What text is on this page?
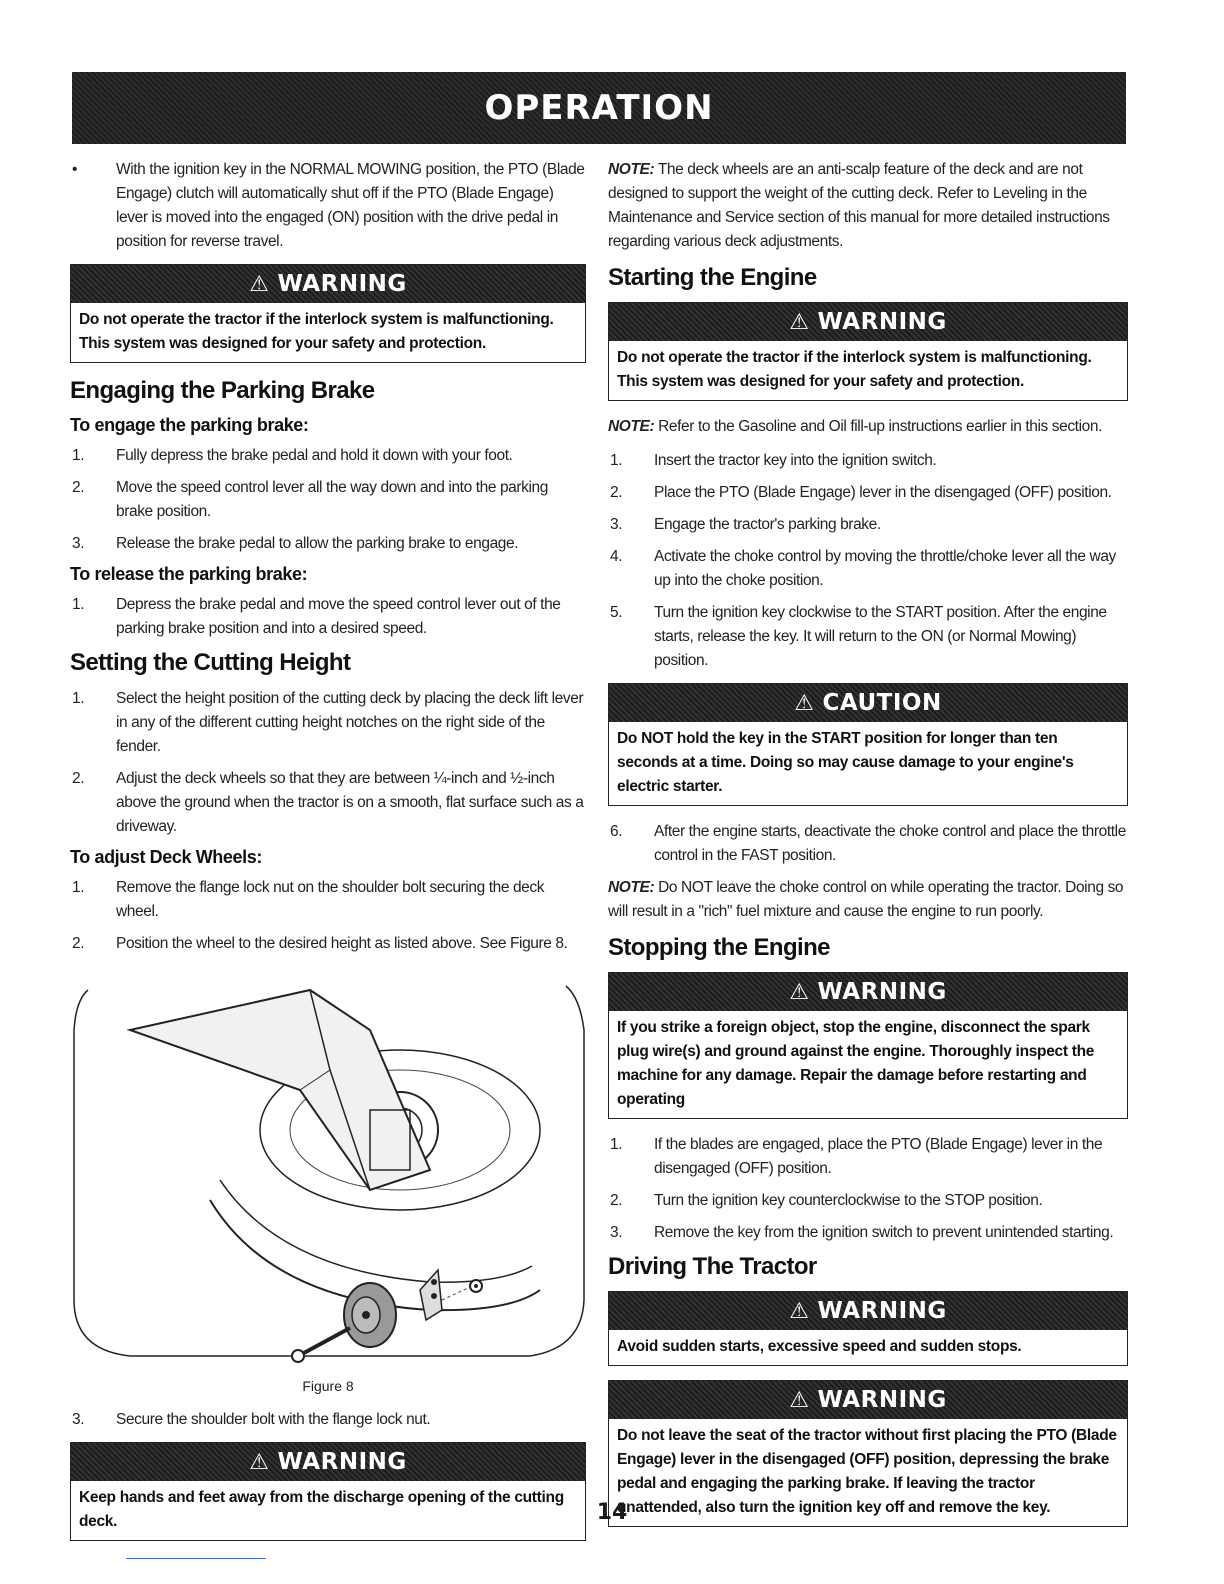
OPERATION
•	With the ignition key in the NORMAL MOWING position, the PTO (Blade Engage) clutch will automatically shut off if the PTO (Blade Engage) lever is moved into the engaged (ON) position with the drive pedal in position for reverse travel.
⚠ WARNING
Do not operate the tractor if the interlock system is malfunctioning. This system was designed for your safety and protection.
Engaging the Parking Brake
To engage the parking brake:
1. Fully depress the brake pedal and hold it down with your foot.
2. Move the speed control lever all the way down and into the parking brake position.
3. Release the brake pedal to allow the parking brake to engage.
To release the parking brake:
1. Depress the brake pedal and move the speed control lever out of the parking brake position and into a desired speed.
Setting the Cutting Height
1. Select the height position of the cutting deck by placing the deck lift lever in any of the different cutting height notches on the right side of the fender.
2. Adjust the deck wheels so that they are between ¼-inch and ½-inch above the ground when the tractor is on a smooth, flat surface such as a driveway.
To adjust Deck Wheels:
1. Remove the flange lock nut on the shoulder bolt securing the deck wheel.
2. Position the wheel to the desired height as listed above. See Figure 8.
Figure 8
3. Secure the shoulder bolt with the flange lock nut.
⚠ WARNING
Keep hands and feet away from the discharge opening of the cutting deck.

NOTE: The deck wheels are an anti-scalp feature of the deck and are not designed to support the weight of the cutting deck. Refer to Leveling in the Maintenance and Service section of this manual for more detailed instructions regarding various deck adjustments.

Starting the Engine
⚠ WARNING
Do not operate the tractor if the interlock system is malfunctioning. This system was designed for your safety and protection.

NOTE: Refer to the Gasoline and Oil fill-up instructions earlier in this section.

1. Insert the tractor key into the ignition switch.
2. Place the PTO (Blade Engage) lever in the disengaged (OFF) position.
3. Engage the tractor's parking brake.
4. Activate the choke control by moving the throttle/choke lever all the way up into the choke position.
5. Turn the ignition key clockwise to the START position. After the engine starts, release the key. It will return to the ON (or Normal Mowing) position.
⚠ CAUTION
Do NOT hold the key in the START position for longer than ten seconds at a time. Doing so may cause damage to your engine's electric starter.
6. After the engine starts, deactivate the choke control and place the throttle control in the FAST position.

NOTE: Do NOT leave the choke control on while operating the tractor. Doing so will result in a "rich" fuel mixture and cause the engine to run poorly.

Stopping the Engine
⚠ WARNING
If you strike a foreign object, stop the engine, disconnect the spark plug wire(s) and ground against the engine. Thoroughly inspect the machine for any damage. Repair the damage before restarting and operating
1. If the blades are engaged, place the PTO (Blade Engage) lever in the disengaged (OFF) position.
2. Turn the ignition key counterclockwise to the STOP position.
3. Remove the key from the ignition switch to prevent unintended starting.
Driving The Tractor
⚠ WARNING
Avoid sudden starts, excessive speed and sudden stops.
⚠ WARNING
Do not leave the seat of the tractor without first placing the PTO (Blade Engage) lever in the disengaged (OFF) position, depressing the brake pedal and engaging the parking brake. If leaving the tractor unattended, also turn the ignition key off and remove the key.
14
